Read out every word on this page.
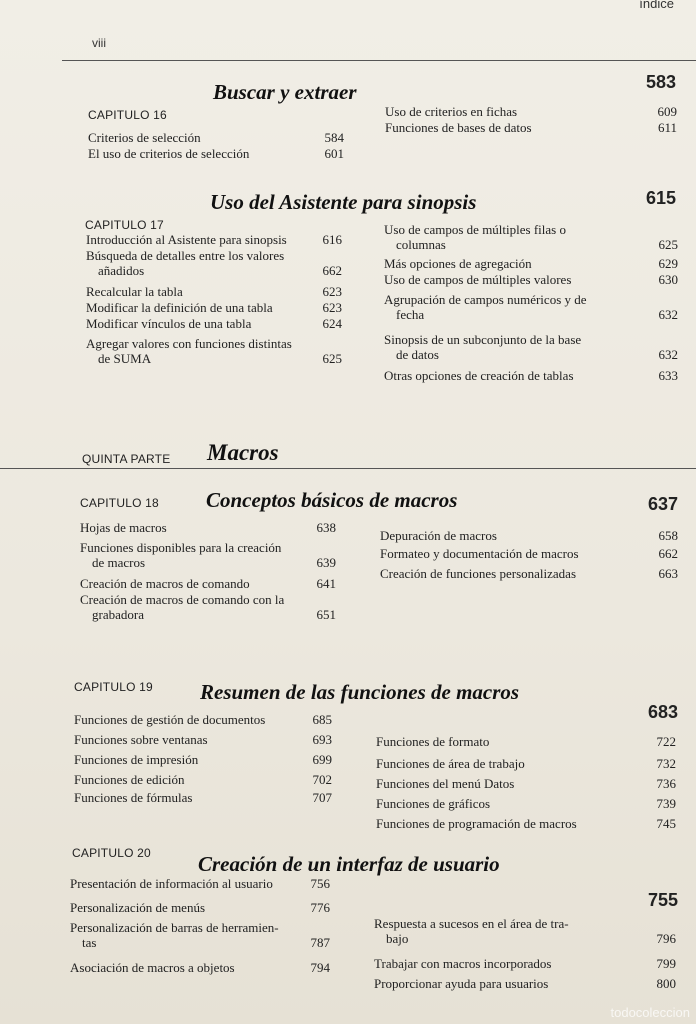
índice
viii
CAPITULO 16
Buscar y extraer	583
Criterios de selección	584
El uso de criterios de selección	601
Uso de criterios en fichas	609
Funciones de bases de datos	611
CAPITULO 17
Uso del Asistente para sinopsis	615
Introducción al Asistente para sinopsis	616
Búsqueda de detalles entre los valores
añadidos	662
Recalcular la tabla	623
Modificar la definición de una tabla	623
Modificar vínculos de una tabla	624
Agregar valores con funciones distintas
de SUMA	625
Uso de campos de múltiples filas o
columnas	625
Más opciones de agregación	629
Uso de campos de múltiples valores	630
Agrupación de campos numéricos y de
fecha	632
Sinopsis de un subconjunto de la base
de datos	632
Otras opciones de creación de tablas	633
QUINTA PARTE Macros
CAPITULO 18 Conceptos básicos de macros	637
Hojas de macros	638
Funciones disponibles para la creación
de macros	639
Creación de macros de comando	641
Creación de macros de comando con la
grabadora	651
Depuración de macros	658
Formateo y documentación de macros	662
Creación de funciones personalizadas	663
CAPITULO 19 Resumen de las funciones de macros
683
Funciones de gestión de documentos	685
Funciones sobre ventanas	693
Funciones de impresión	699
Funciones de edición	702
Funciones de fórmulas	707
Funciones de formato	722
Funciones de área de trabajo	732
Funciones del menú Datos	736
Funciones de gráficos	739
Funciones de programación de macros	745
CAPITULO 20 Creación de un interfaz de usuario
755
Presentación de información al usuario	756
Personalización de menús	776
Personalización de barras de herramien-
tas	787
Asociación de macros a objetos	794
Respuesta a sucesos en el área de tra-
bajo	796
Trabajar con macros incorporados	799
Proporcionar ayuda para usuarios	800
todocoleccion
